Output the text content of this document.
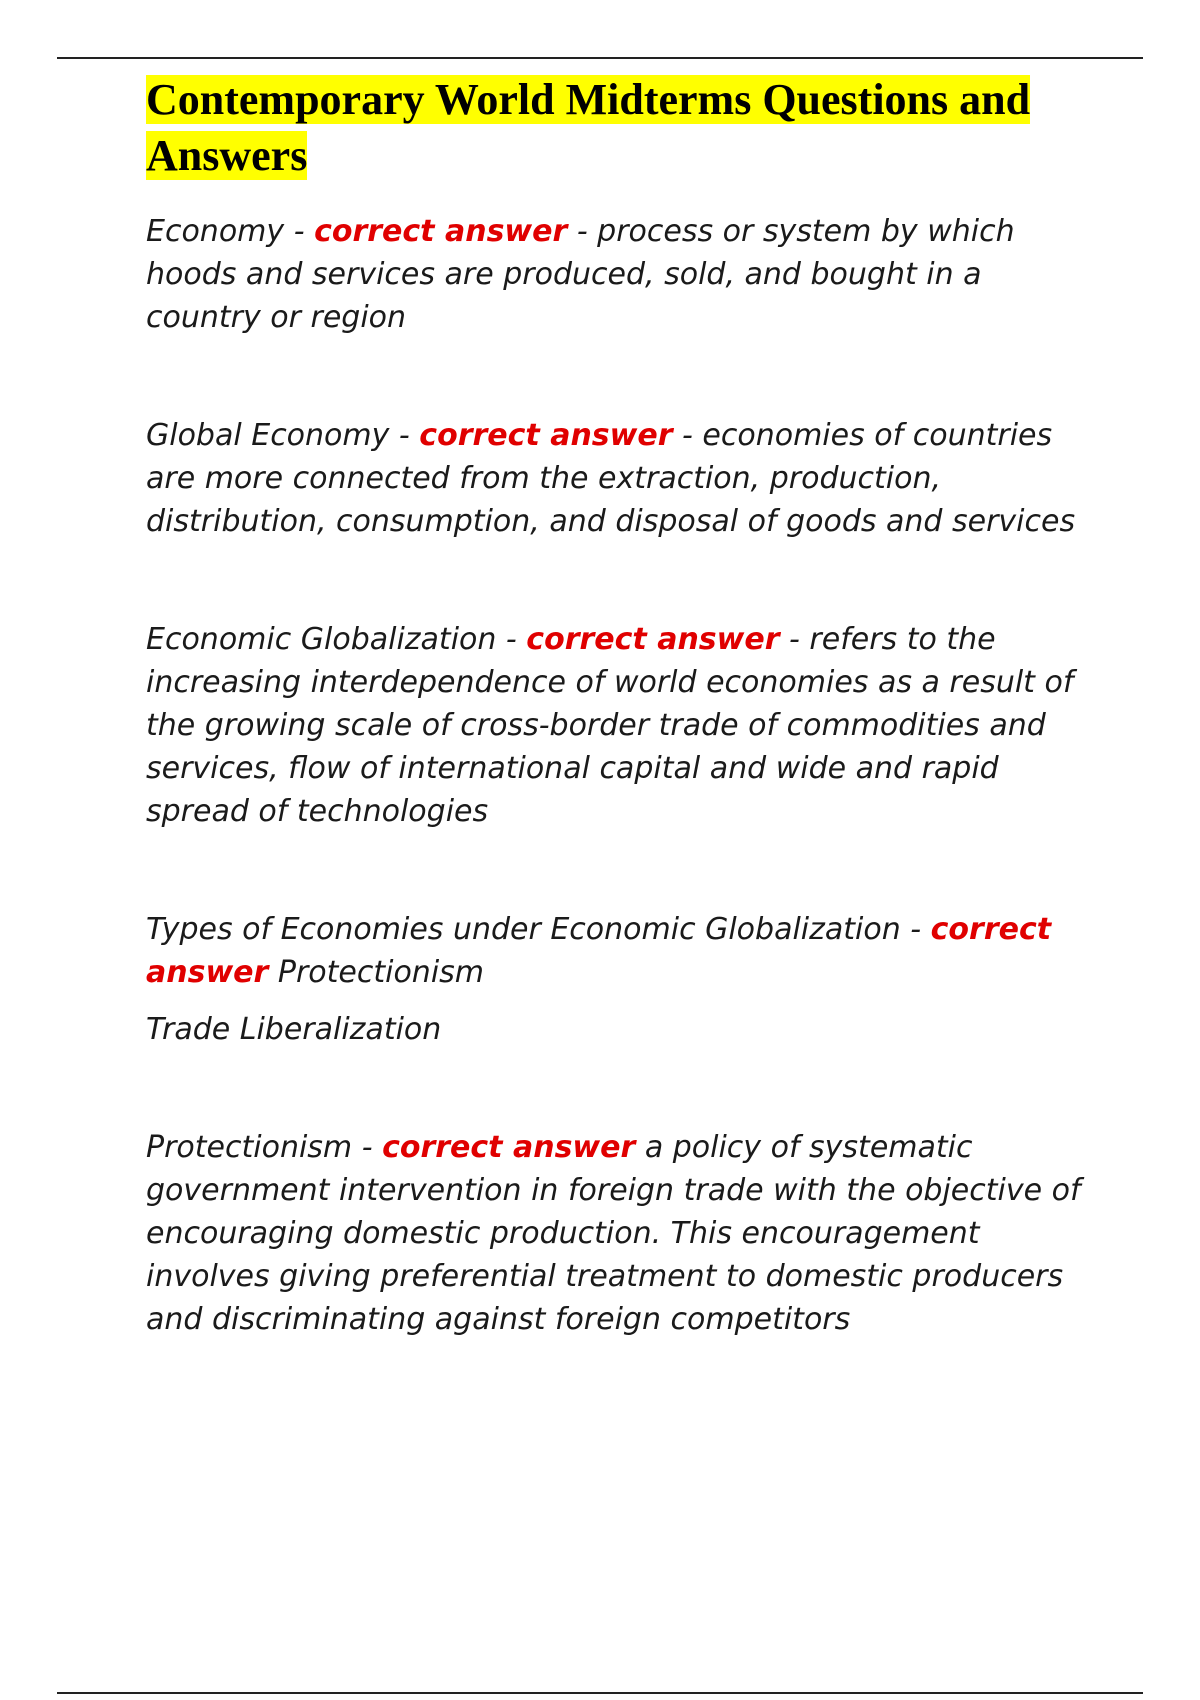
Contemporary World Midterms Questions and Answers

Economy - correct answer - process or system by which hoods and services are produced, sold, and bought in a country or region

Global Economy - correct answer - economies of countries are more connected from the extraction, production, distribution, consumption, and disposal of goods and services

Economic Globalization - correct answer - refers to the increasing interdependence of world economies as a result of the growing scale of cross-border trade of commodities and services, flow of international capital and wide and rapid spread of technologies

Types of Economies under Economic Globalization - correct answer Protectionism

Trade Liberalization

Protectionism - correct answer a policy of systematic government intervention in foreign trade with the objective of encouraging domestic production. This encouragement involves giving preferential treatment to domestic producers and discriminating against foreign competitors
